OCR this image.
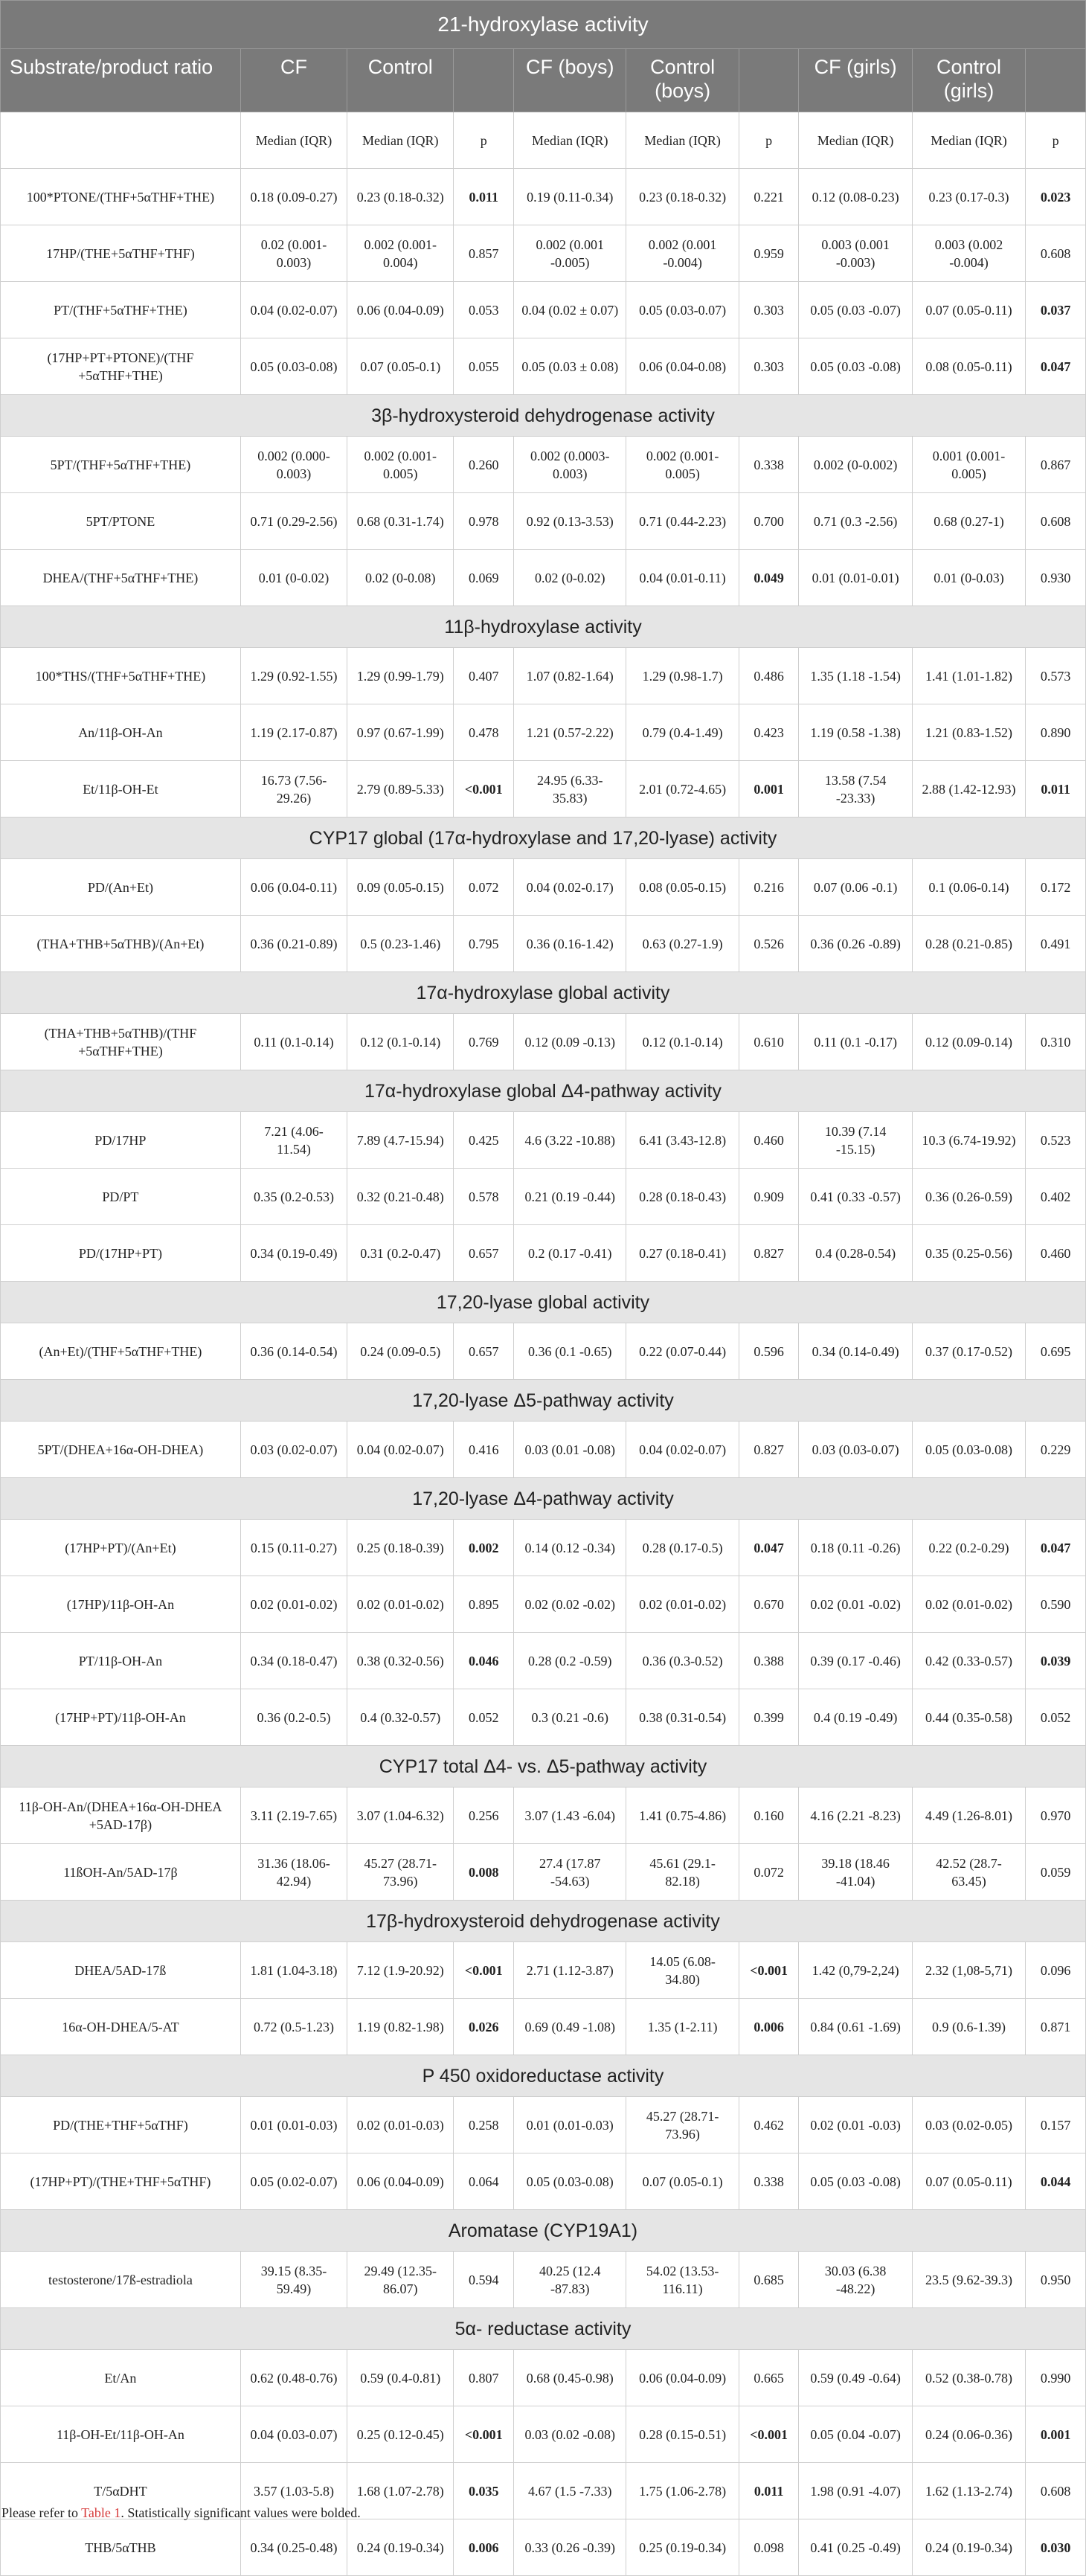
21-hydroxylase activity									
Substrate/product ratio	CF	Control		CF (boys)	Control (boys)		CF (girls)	Control (girls)	
	Median (IQR)	Median (IQR)	p	Median (IQR)	Median (IQR)	p	Median (IQR)	Median (IQR)	p
100*PTONE/(THF+5αTHF+THE)	0.18 (0.09-0.27)	0.23 (0.18-0.32)	0.011	0.19 (0.11-0.34)	0.23 (0.18-0.32)	0.221	0.12 (0.08-0.23)	0.23 (0.17-0.3)	0.023
17HP/(THE+5αTHF+THF)	0.02 (0.001-0.003)	0.002 (0.001-0.004)	0.857	0.002 (0.001 -0.005)	0.002 (0.001 -0.004)	0.959	0.003 (0.001 -0.003)	0.003 (0.002 -0.004)	0.608
PT/(THF+5αTHF+THE)	0.04 (0.02-0.07)	0.06 (0.04-0.09)	0.053	0.04 (0.02 ± 0.07)	0.05 (0.03-0.07)	0.303	0.05 (0.03 -0.07)	0.07 (0.05-0.11)	0.037
(17HP+PT+PTONE)/(THF +5αTHF+THE)	0.05 (0.03-0.08)	0.07 (0.05-0.1)	0.055	0.05 (0.03 ± 0.08)	0.06 (0.04-0.08)	0.303	0.05 (0.03 -0.08)	0.08 (0.05-0.11)	0.047
3β-hydroxysteroid dehydrogenase activity									
5PT/(THF+5αTHF+THE)	0.002 (0.000-0.003)	0.002 (0.001-0.005)	0.260	0.002 (0.0003-0.003)	0.002 (0.001-0.005)	0.338	0.002 (0-0.002)	0.001 (0.001-0.005)	0.867
5PT/PTONE	0.71 (0.29-2.56)	0.68 (0.31-1.74)	0.978	0.92 (0.13-3.53)	0.71 (0.44-2.23)	0.700	0.71 (0.3 -2.56)	0.68 (0.27-1)	0.608
DHEA/(THF+5αTHF+THE)	0.01 (0-0.02)	0.02 (0-0.08)	0.069	0.02 (0-0.02)	0.04 (0.01-0.11)	0.049	0.01 (0.01-0.01)	0.01 (0-0.03)	0.930
11β-hydroxylase activity									
100*THS/(THF+5αTHF+THE)	1.29 (0.92-1.55)	1.29 (0.99-1.79)	0.407	1.07 (0.82-1.64)	1.29 (0.98-1.7)	0.486	1.35 (1.18 -1.54)	1.41 (1.01-1.82)	0.573
An/11β-OH-An	1.19 (2.17-0.87)	0.97 (0.67-1.99)	0.478	1.21 (0.57-2.22)	0.79 (0.4-1.49)	0.423	1.19 (0.58 -1.38)	1.21 (0.83-1.52)	0.890
Et/11β-OH-Et	16.73 (7.56-29.26)	2.79 (0.89-5.33)	<0.001	24.95 (6.33-35.83)	2.01 (0.72-4.65)	0.001	13.58 (7.54 -23.33)	2.88 (1.42-12.93)	0.011
CYP17 global (17α-hydroxylase and 17,20-lyase) activity									
PD/(An+Et)	0.06 (0.04-0.11)	0.09 (0.05-0.15)	0.072	0.04 (0.02-0.17)	0.08 (0.05-0.15)	0.216	0.07 (0.06 -0.1)	0.1 (0.06-0.14)	0.172
(THA+THB+5αTHB)/(An+Et)	0.36 (0.21-0.89)	0.5 (0.23-1.46)	0.795	0.36 (0.16-1.42)	0.63 (0.27-1.9)	0.526	0.36 (0.26 -0.89)	0.28 (0.21-0.85)	0.491
17α-hydroxylase global activity									
(THA+THB+5αTHB)/(THF +5αTHF+THE)	0.11 (0.1-0.14)	0.12 (0.1-0.14)	0.769	0.12 (0.09 -0.13)	0.12 (0.1-0.14)	0.610	0.11 (0.1 -0.17)	0.12 (0.09-0.14)	0.310
17α-hydroxylase global Δ4-pathway activity									
PD/17HP	7.21 (4.06-11.54)	7.89 (4.7-15.94)	0.425	4.6 (3.22 -10.88)	6.41 (3.43-12.8)	0.460	10.39 (7.14 -15.15)	10.3 (6.74-19.92)	0.523
PD/PT	0.35 (0.2-0.53)	0.32 (0.21-0.48)	0.578	0.21 (0.19 -0.44)	0.28 (0.18-0.43)	0.909	0.41 (0.33 -0.57)	0.36 (0.26-0.59)	0.402
PD/(17HP+PT)	0.34 (0.19-0.49)	0.31 (0.2-0.47)	0.657	0.2 (0.17 -0.41)	0.27 (0.18-0.41)	0.827	0.4 (0.28-0.54)	0.35 (0.25-0.56)	0.460
17,20-lyase global activity									
(An+Et)/(THF+5αTHF+THE)	0.36 (0.14-0.54)	0.24 (0.09-0.5)	0.657	0.36 (0.1 -0.65)	0.22 (0.07-0.44)	0.596	0.34 (0.14-0.49)	0.37 (0.17-0.52)	0.695
17,20-lyase Δ5-pathway activity									
5PT/(DHEA+16α-OH-DHEA)	0.03 (0.02-0.07)	0.04 (0.02-0.07)	0.416	0.03 (0.01 -0.08)	0.04 (0.02-0.07)	0.827	0.03 (0.03-0.07)	0.05 (0.03-0.08)	0.229
17,20-lyase Δ4-pathway activity									
(17HP+PT)/(An+Et)	0.15 (0.11-0.27)	0.25 (0.18-0.39)	0.002	0.14 (0.12 -0.34)	0.28 (0.17-0.5)	0.047	0.18 (0.11 -0.26)	0.22 (0.2-0.29)	0.047
(17HP)/11β-OH-An	0.02 (0.01-0.02)	0.02 (0.01-0.02)	0.895	0.02 (0.02 -0.02)	0.02 (0.01-0.02)	0.670	0.02 (0.01 -0.02)	0.02 (0.01-0.02)	0.590
PT/11β-OH-An	0.34 (0.18-0.47)	0.38 (0.32-0.56)	0.046	0.28 (0.2 -0.59)	0.36 (0.3-0.52)	0.388	0.39 (0.17 -0.46)	0.42 (0.33-0.57)	0.039
(17HP+PT)/11β-OH-An	0.36 (0.2-0.5)	0.4 (0.32-0.57)	0.052	0.3 (0.21 -0.6)	0.38 (0.31-0.54)	0.399	0.4 (0.19 -0.49)	0.44 (0.35-0.58)	0.052
CYP17 total Δ4- vs. Δ5-pathway activity									
11β-OH-An/(DHEA+16α-OH-DHEA +5AD-17β)	3.11 (2.19-7.65)	3.07 (1.04-6.32)	0.256	3.07 (1.43 -6.04)	1.41 (0.75-4.86)	0.160	4.16 (2.21 -8.23)	4.49 (1.26-8.01)	0.970
11ßOH-An/5AD-17β	31.36 (18.06-42.94)	45.27 (28.71-73.96)	0.008	27.4 (17.87 -54.63)	45.61 (29.1-82.18)	0.072	39.18 (18.46 -41.04)	42.52 (28.7-63.45)	0.059
17β-hydroxysteroid dehydrogenase activity									
DHEA/5AD-17ß	1.81 (1.04-3.18)	7.12 (1.9-20.92)	<0.001	2.71 (1.12-3.87)	14.05 (6.08-34.80)	<0.001	1.42 (0,79-2,24)	2.32 (1,08-5,71)	0.096
16α-OH-DHEA/5-AT	0.72 (0.5-1.23)	1.19 (0.82-1.98)	0.026	0.69 (0.49 -1.08)	1.35 (1-2.11)	0.006	0.84 (0.61 -1.69)	0.9 (0.6-1.39)	0.871
P 450 oxidoreductase activity									
PD/(THE+THF+5αTHF)	0.01 (0.01-0.03)	0.02 (0.01-0.03)	0.258	0.01 (0.01-0.03)	45.27 (28.71-73.96)	0.462	0.02 (0.01 -0.03)	0.03 (0.02-0.05)	0.157
(17HP+PT)/(THE+THF+5αTHF)	0.05 (0.02-0.07)	0.06 (0.04-0.09)	0.064	0.05 (0.03-0.08)	0.07 (0.05-0.1)	0.338	0.05 (0.03 -0.08)	0.07 (0.05-0.11)	0.044
Aromatase (CYP19A1)									
testosterone/17ß-estradiola	39.15 (8.35-59.49)	29.49 (12.35-86.07)	0.594	40.25 (12.4 -87.83)	54.02 (13.53-116.11)	0.685	30.03 (6.38 -48.22)	23.5 (9.62-39.3)	0.950
5α- reductase activity									
Et/An	0.62 (0.48-0.76)	0.59 (0.4-0.81)	0.807	0.68 (0.45-0.98)	0.06 (0.04-0.09)	0.665	0.59 (0.49 -0.64)	0.52 (0.38-0.78)	0.990
11β-OH-Et/11β-OH-An	0.04 (0.03-0.07)	0.25 (0.12-0.45)	<0.001	0.03 (0.02 -0.08)	0.28 (0.15-0.51)	<0.001	0.05 (0.04 -0.07)	0.24 (0.06-0.36)	0.001
T/5αDHT	3.57 (1.03-5.8)	1.68 (1.07-2.78)	0.035	4.67 (1.5 -7.33)	1.75 (1.06-2.78)	0.011	1.98 (0.91 -4.07)	1.62 (1.13-2.74)	0.608
THB/5αTHB	0.34 (0.25-0.48)	0.24 (0.19-0.34)	0.006	0.33 (0.26 -0.39)	0.25 (0.19-0.34)	0.098	0.41 (0.25 -0.49)	0.24 (0.19-0.34)	0.030
Please refer to Table 1. Statistically significant values were bolded.
